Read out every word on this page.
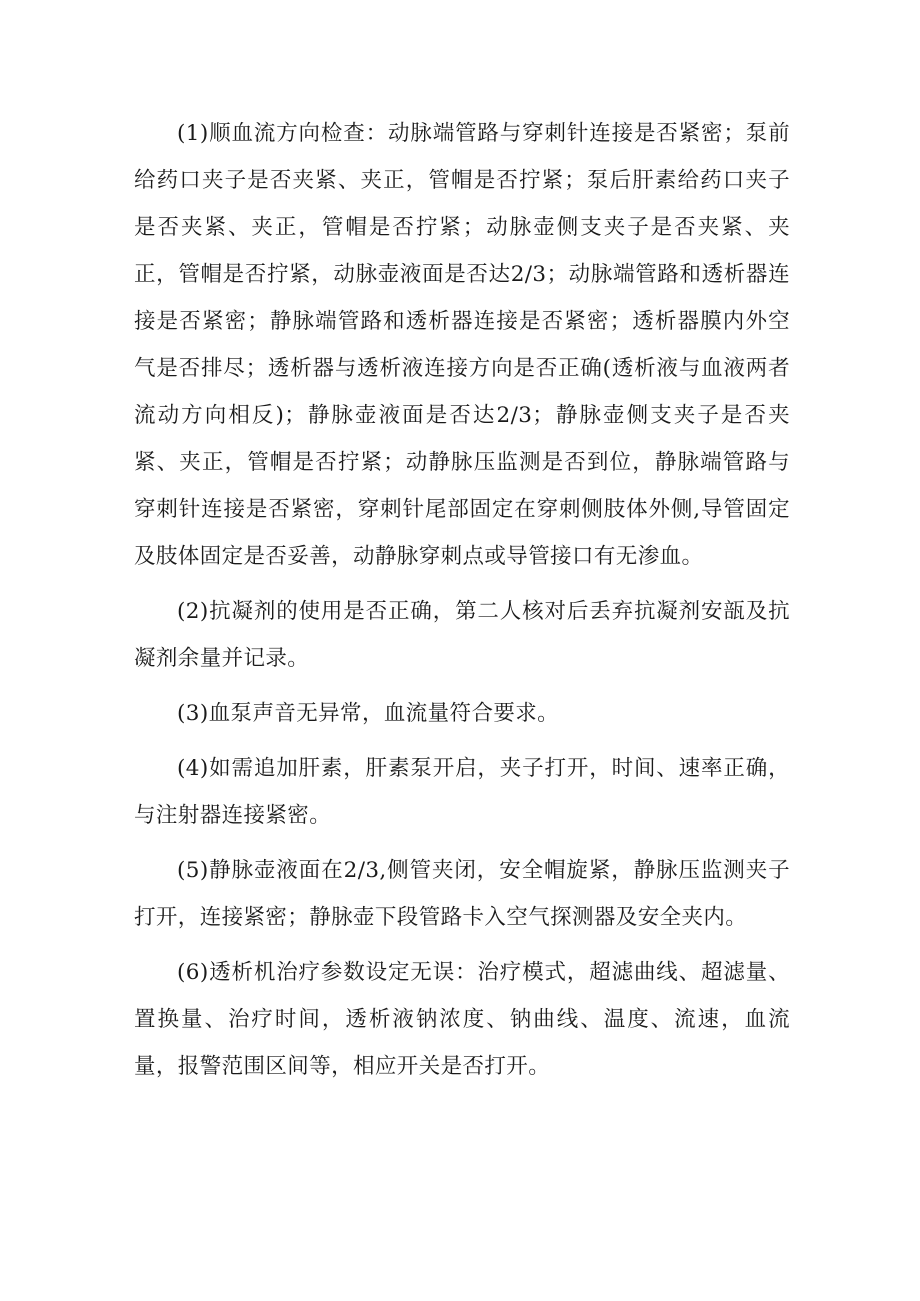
(1)顺血流方向检查：动脉端管路与穿刺针连接是否紧密；泵前给药口夹子是否夹紧、夹正，管帽是否拧紧；泵后肝素给药口夹子是否夹紧、夹正，管帽是否拧紧；动脉壶侧支夹子是否夹紧、夹正，管帽是否拧紧，动脉壶液面是否达2/3；动脉端管路和透析器连接是否紧密；静脉端管路和透析器连接是否紧密；透析器膜内外空气是否排尽；透析器与透析液连接方向是否正确(透析液与血液两者流动方向相反)；静脉壶液面是否达2/3；静脉壶侧支夹子是否夹紧、夹正，管帽是否拧紧；动静脉压监测是否到位，静脉端管路与穿刺针连接是否紧密，穿刺针尾部固定在穿刺侧肢体外侧,导管固定及肢体固定是否妥善，动静脉穿刺点或导管接口有无渗血。

(2)抗凝剂的使用是否正确，第二人核对后丢弃抗凝剂安瓿及抗凝剂余量并记录。

(3)血泵声音无异常，血流量符合要求。

(4)如需追加肝素，肝素泵开启，夹子打开，时间、速率正确，与注射器连接紧密。

(5)静脉壶液面在2/3,侧管夹闭，安全帽旋紧，静脉压监测夹子打开，连接紧密；静脉壶下段管路卡入空气探测器及安全夹内。

(6)透析机治疗参数设定无误：治疗模式，超滤曲线、超滤量、置换量、治疗时间，透析液钠浓度、钠曲线、温度、流速，血流量，报警范围区间等，相应开关是否打开。
